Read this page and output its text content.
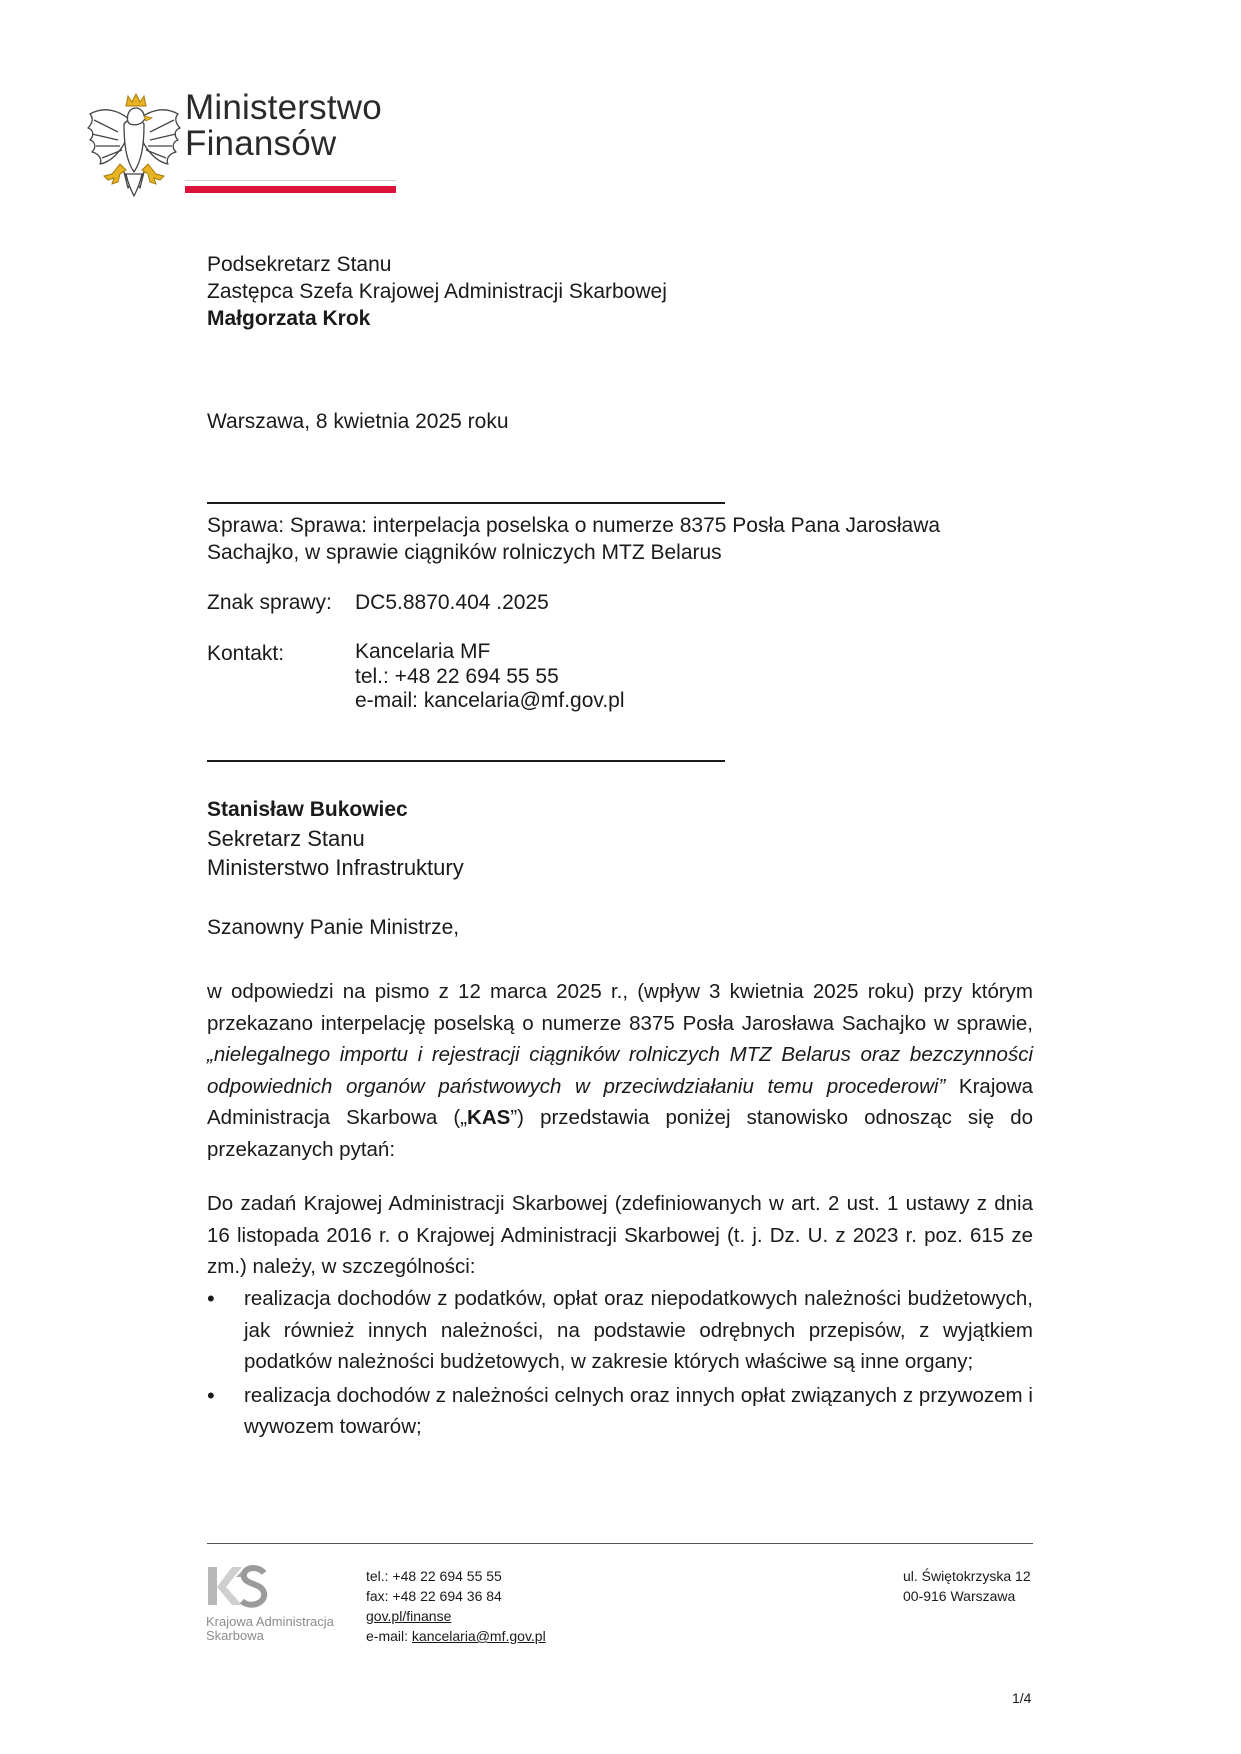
Ministerstwo
Finansów
Podsekretarz Stanu
Zastępca Szefa Krajowej Administracji Skarbowej
Małgorzata Krok
Warszawa, 8 kwietnia 2025 roku
Sprawa: Sprawa: interpelacja poselska o numerze 8375 Posła Pana Jarosława
Sachajko, w sprawie ciągników rolniczych MTZ Belarus
Znak sprawy: DC5.8870.404 .2025
Kontakt:	Kancelaria MF
tel.: +48 22 694 55 55
e-mail: kancelaria@mf.gov.pl
Stanisław Bukowiec
Sekretarz Stanu
Ministerstwo Infrastruktury
Szanowny Panie Ministrze,
w odpowiedzi na pismo z 12 marca 2025 r., (wpływ 3 kwietnia 2025 roku) przy którym przekazano interpelację poselską o numerze 8375 Posła Jarosława Sachajko w sprawie, „nielegalnego importu i rejestracji ciągników rolniczych MTZ Belarus oraz bezczynności odpowiednich organów państwowych w przeciwdziałaniu temu procederowi” Krajowa Administracja Skarbowa („KAS”) przedstawia poniżej stanowisko odnosząc się do przekazanych pytań:
Do zadań Krajowej Administracji Skarbowej (zdefiniowanych w art. 2 ust. 1 ustawy z dnia 16 listopada 2016 r. o Krajowej Administracji Skarbowej (t. j. Dz. U. z 2023 r. poz. 615 ze zm.) należy, w szczególności:
• realizacja dochodów z podatków, opłat oraz niepodatkowych należności budżetowych, jak również innych należności, na podstawie odrębnych przepisów, z wyjątkiem podatków należności budżetowych, w zakresie których właściwe są inne organy;
• realizacja dochodów z należności celnych oraz innych opłat związanych z przywozem i wywozem towarów;
Krajowa Administracja
Skarbowa
tel.: +48 22 694 55 55
fax: +48 22 694 36 84
gov.pl/finanse
e-mail: kancelaria@mf.gov.pl
ul. Świętokrzyska 12
00-916 Warszawa
1/4
